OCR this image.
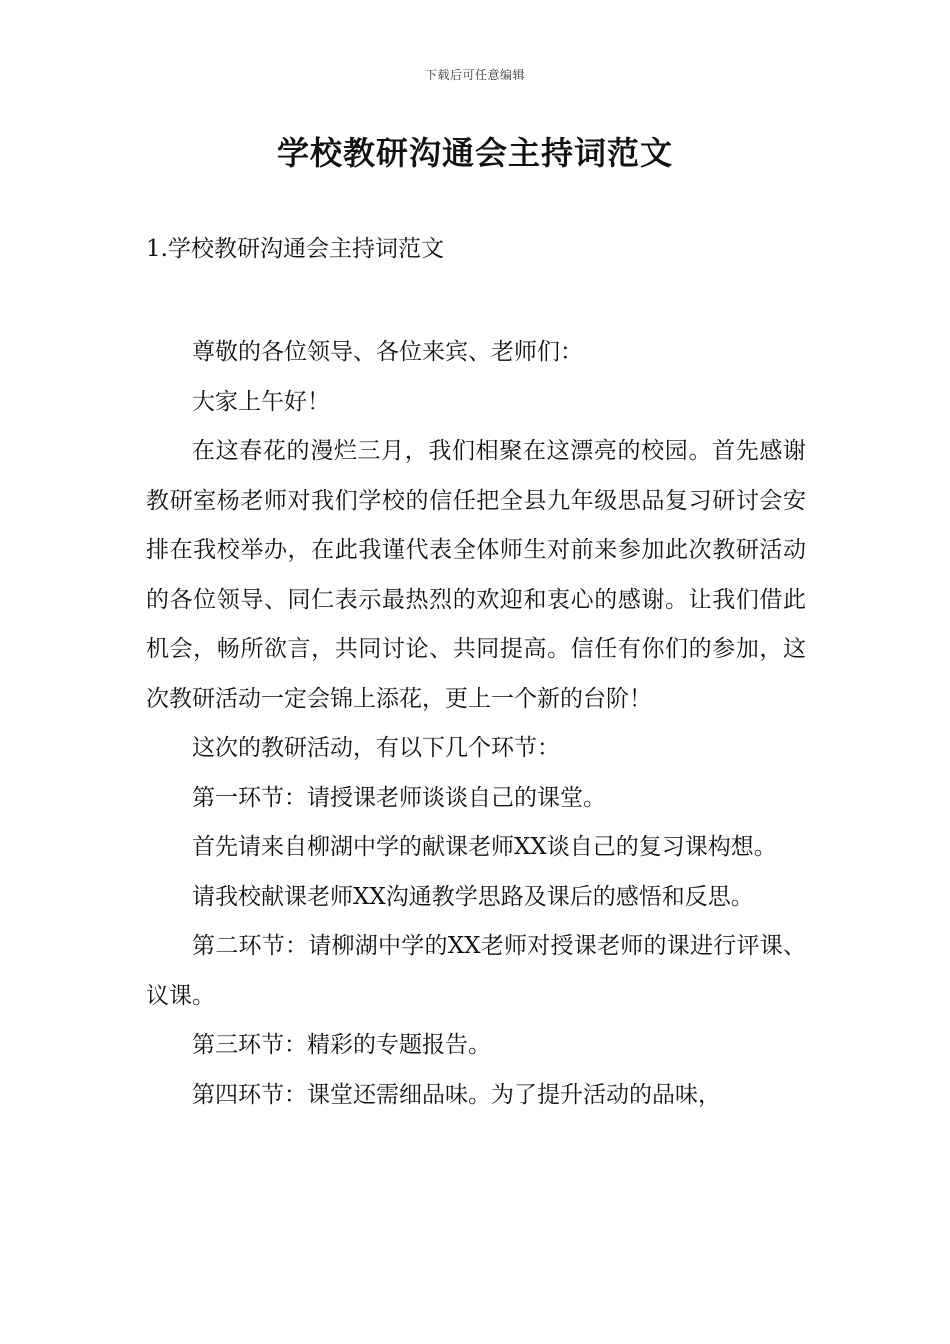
下载后可任意编辑
学校教研沟通会主持词范文
1.学校教研沟通会主持词范文

尊敬的各位领导、各位来宾、老师们：

大家上午好！

在这春花的漫烂三月，我们相聚在这漂亮的校园。首先感谢教研室杨老师对我们学校的信任把全县九年级思品复习研讨会安排在我校举办，在此我谨代表全体师生对前来参加此次教研活动的各位领导、同仁表示最热烈的欢迎和衷心的感谢。让我们借此机会，畅所欲言，共同讨论、共同提高。信任有你们的参加，这次教研活动一定会锦上添花，更上一个新的台阶！

这次的教研活动，有以下几个环节：

第一环节：请授课老师谈谈自己的课堂。

首先请来自柳湖中学的献课老师XX谈自己的复习课构想。

请我校献课老师XX沟通教学思路及课后的感悟和反思。

第二环节：请柳湖中学的XX老师对授课老师的课进行评课、议课。

第三环节：精彩的专题报告。

第四环节：课堂还需细品味。为了提升活动的品味，
